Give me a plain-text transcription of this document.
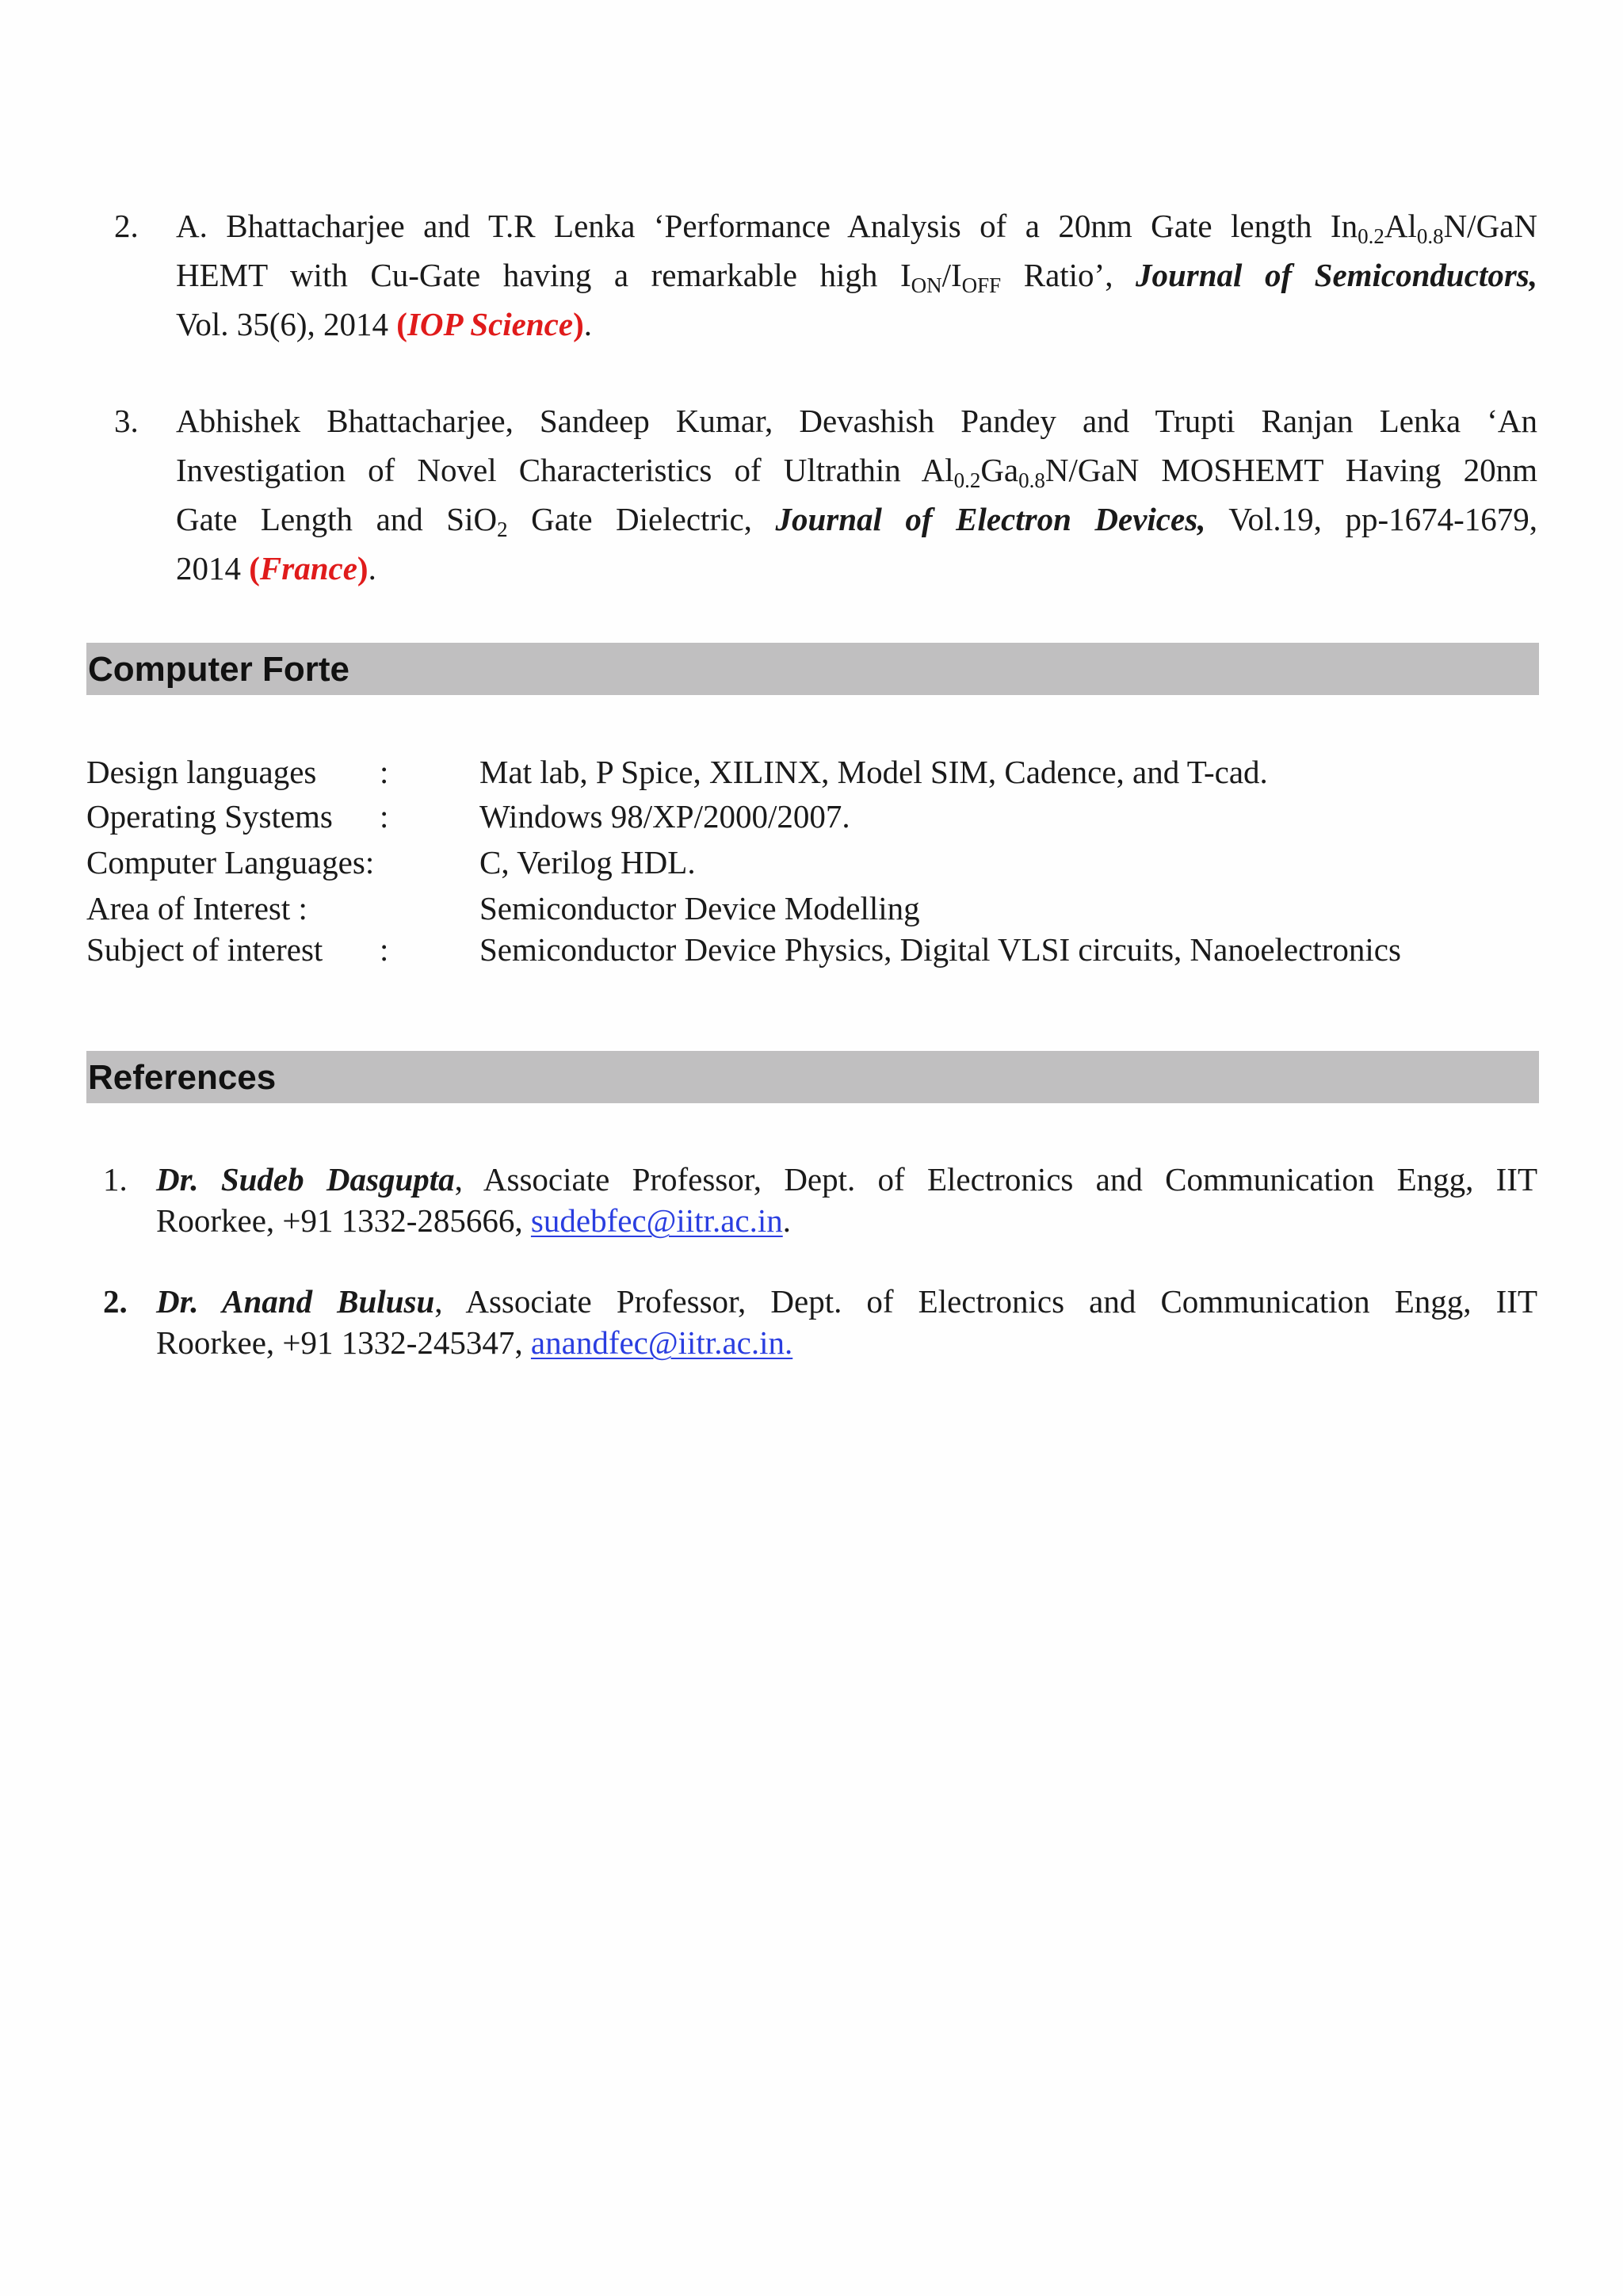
2. A. Bhattacharjee and T.R Lenka ‘Performance Analysis of a 20nm Gate length $In_{0.2}Al_{0.8}N$/GaN
HEMT with Cu-Gate having a remarkable high $I_{ON}/I_{OFF}$ Ratio’, Journal of Semiconductors,
Vol. 35(6), 2014 (IOP Science).
3. Abhishek Bhattacharjee, Sandeep Kumar, Devashish Pandey and Trupti Ranjan Lenka ‘An
Investigation of Novel Characteristics of Ultrathin $Al_{0.2}Ga_{0.8}N$/GaN MOSHEMT Having 20nm
Gate Length and SiO$_2$ Gate Dielectric, Journal of Electron Devices, Vol.19, pp-1674-1679,
2014 (France).
Computer Forte
Design languages :	Mat lab, P Spice, XILINX, Model SIM, Cadence, and T-cad.
Operating Systems :	Windows 98/XP/2000/2007.
Computer Languages:	C, Verilog HDL.
Area of Interest :	Semiconductor Device Modelling
Subject of interest :	Semiconductor Device Physics, Digital VLSI circuits, Nanoelectronics
References
1. Dr. Sudeb Dasgupta, Associate Professor, Dept. of Electronics and Communication Engg, IIT
Roorkee, +91 1332-285666, sudebfec@iitr.ac.in.
2. Dr. Anand Bulusu, Associate Professor, Dept. of Electronics and Communication Engg, IIT
Roorkee, +91 1332-245347, anandfec@iitr.ac.in.
